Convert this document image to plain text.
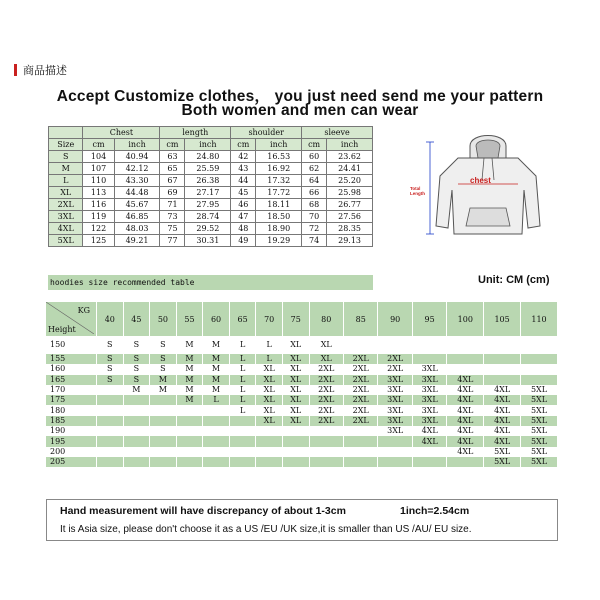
商品描述
Accept Customize clothes， you just need send me your pattern
Both women and men can wear
	Chest		length		shoulder		sleeve	
Size	cm	inch	cm	inch	cm	inch	cm	inch
S	104	40.94	63	24.80	42	16.53	60	23.62
M	107	42.12	65	25.59	43	16.92	62	24.41
L	110	43.30	67	26.38	44	17.32	64	25.20
XL	113	44.48	69	27.17	45	17.72	66	25.98
2XL	116	45.67	71	27.95	46	18.11	68	26.77
3XL	119	46.85	73	28.74	47	18.50	70	27.56
4XL	122	48.03	75	29.52	48	18.90	72	28.35
5XL	125	49.21	77	30.31	49	19.29	74	29.13
chest
Total Length
hoodies size recommended table	Unit: CM (cm)
KG
Height	40	45	50	55	60	65	70	75	80	85	90	95	100	105	110
150	S	S	S	M	M	L	L	XL	XL						
155	S	S	S	M	M	L	L	XL	XL	2XL	2XL				
160	S	S	S	M	M	L	XL	XL	2XL	2XL	2XL	3XL			
165	S	S	M	M	M	L	XL	XL	2XL	2XL	3XL	3XL	4XL		
170		M	M	M	M	L	XL	XL	2XL	2XL	3XL	3XL	4XL	4XL	5XL
175				M	L	L	XL	XL	2XL	2XL	3XL	3XL	4XL	4XL	5XL
180						L	XL	XL	2XL	2XL	3XL	3XL	4XL	4XL	5XL
185							XL	XL	2XL	2XL	3XL	3XL	4XL	4XL	5XL
190											3XL	4XL	4XL	4XL	5XL
195												4XL	4XL	4XL	5XL
200													4XL	5XL	5XL
205														5XL	5XL
Hand measurement will have discrepancy of about 1-3cm	1inch=2.54cm
It is Asia size, please don't choose it as a US /EU /UK size,it is smaller than US /AU/ EU size.
